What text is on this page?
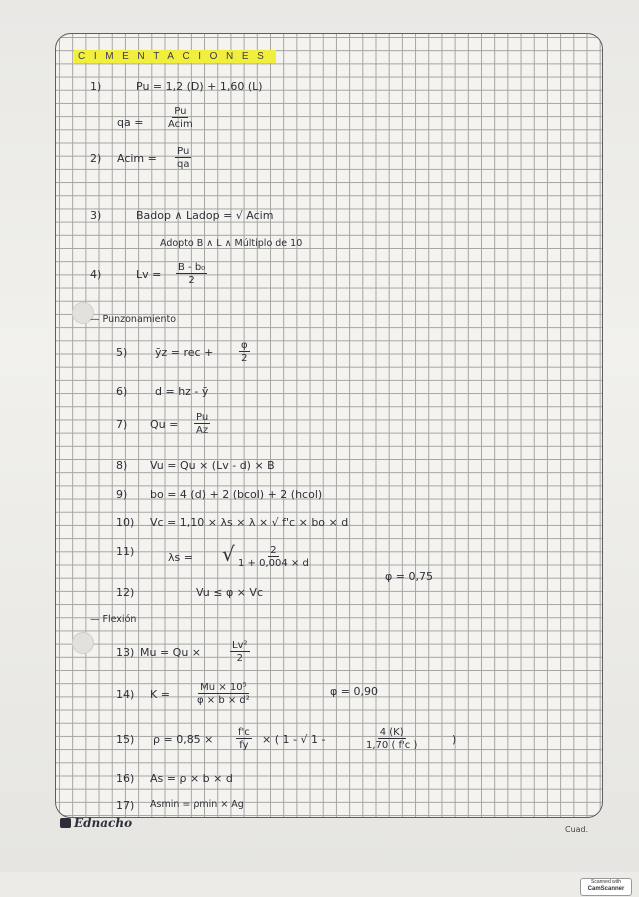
CIMENTACIONES
1)	Pu = 1,2 (D) + 1,60 (L)
qa =
Pu
Acim
2) Acim = $\frac{Pu}{qa}$
3)	Badop ∧ Ladop = √ Acim
Adopto B ∧ L ∧ Múltiplo de 10
4)	$Lv = \frac{\text{B - b₀}}{2}$
— Punzonamiento
5)	ȳz = rec +	$\frac{\varphi}{2}$
6)	d = hz - ȳ
7) $Qu = \frac{Pu}{Az}$
8) Vu = Qu × (Lv - d) × B
9) bo = 4 (d) + 2 (bcol) + 2 (hcol)
10) Vc = 1,10 × λs × λ × √ f'c × bo × d
11)	λs = √ $\frac{2}{1 + 0,004 \times d}$
φ = 0,75
12)	Vu ≤ φ × Vc
— Flexión
13) Mu = Qu ×	$\frac{\text{Lv²}}{2}$
14) K =	$\frac{\text{Mu × 10⁵}}{\text{φ × b × d²}}$	φ = 0,90
15) $\rho = 0,85 \times \frac{f'c}{fy}$ × ( 1 - √ 1 -	$\frac{4 (K)}{1,70 ( f'c )}$	)
16) As = ρ × b × d
17) Asmin = ρmin × Ag
Ednacho	Cuad.
Scanned with
CamScanner
